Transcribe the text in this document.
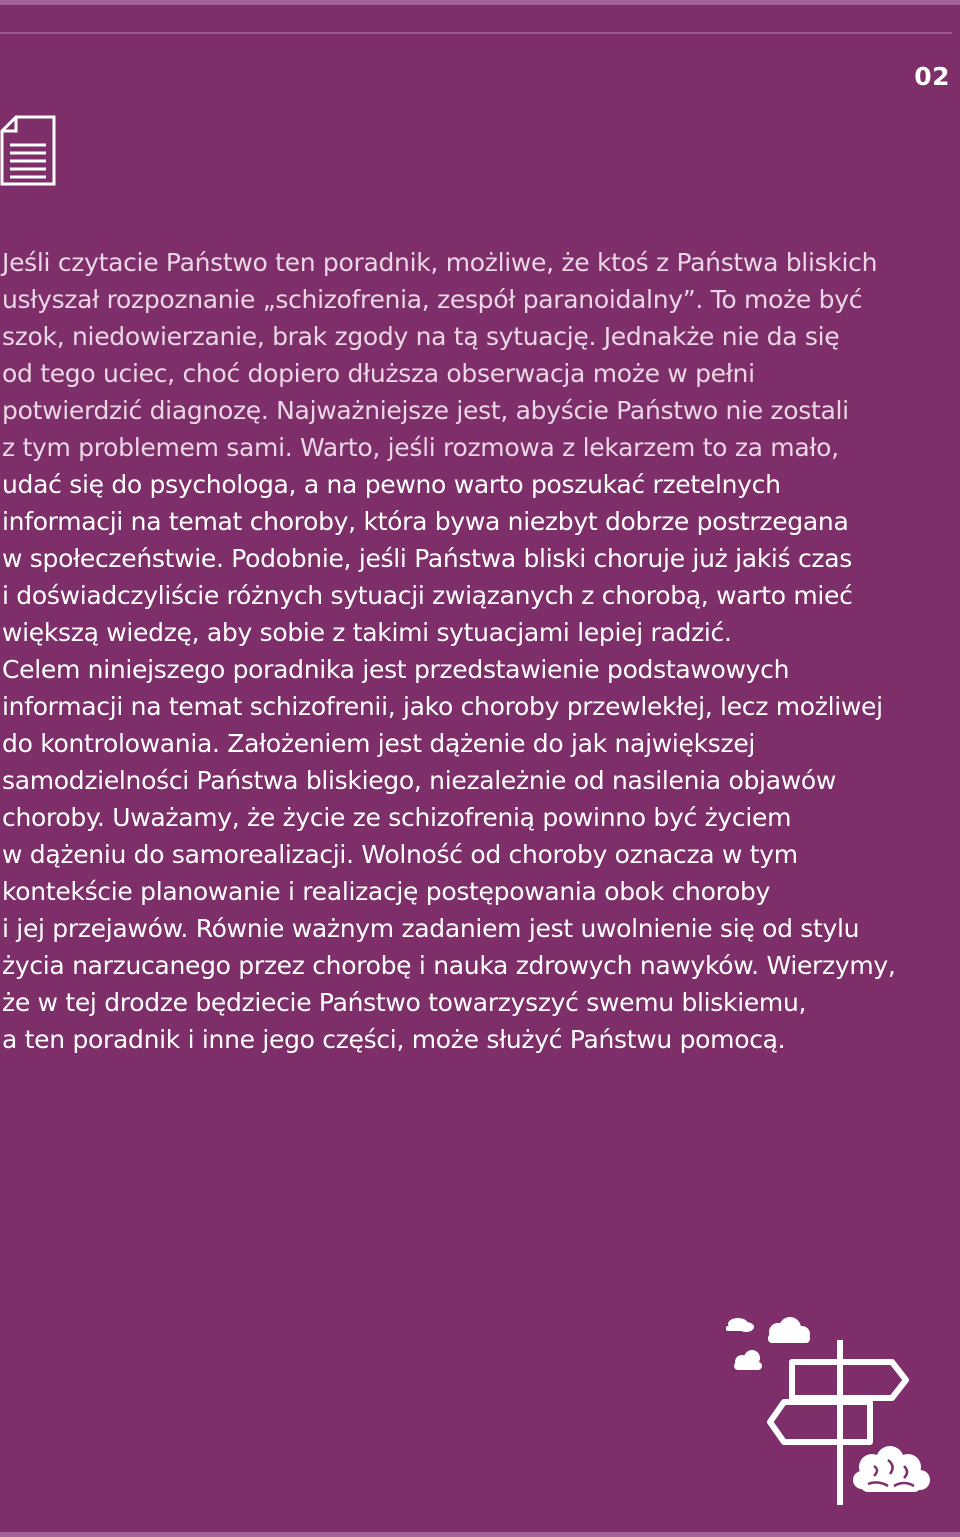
02
Jeśli czytacie Państwo ten poradnik, możliwe, że ktoś z Państwa bliskich
usłyszał rozpoznanie „schizofrenia, zespół paranoidalny”. To może być
szok, niedowierzanie, brak zgody na tą sytuację. Jednakże nie da się
od tego uciec, choć dopiero dłuższa obserwacja może w pełni
potwierdzić diagnozę. Najważniejsze jest, abyście Państwo nie zostali
z tym problemem sami. Warto, jeśli rozmowa z lekarzem to za mało,
udać się do psychologa, a na pewno warto poszukać rzetelnych
informacji na temat choroby, która bywa niezbyt dobrze postrzegana
w społeczeństwie. Podobnie, jeśli Państwa bliski choruje już jakiś czas
i doświadczyliście różnych sytuacji związanych z chorobą, warto mieć
większą wiedzę, aby sobie z takimi sytuacjami lepiej radzić.
Celem niniejszego poradnika jest przedstawienie podstawowych
informacji na temat schizofrenii, jako choroby przewlekłej, lecz możliwej
do kontrolowania. Założeniem jest dążenie do jak największej
samodzielności Państwa bliskiego, niezależnie od nasilenia objawów
choroby. Uważamy, że życie ze schizofrenią powinno być życiem
w dążeniu do samorealizacji. Wolność od choroby oznacza w tym
kontekście planowanie i realizację postępowania obok choroby
i jej przejawów. Równie ważnym zadaniem jest uwolnienie się od stylu
życia narzucanego przez chorobę i nauka zdrowych nawyków. Wierzymy,
że w tej drodze będziecie Państwo towarzyszyć swemu bliskiemu,
a ten poradnik i inne jego części, może służyć Państwu pomocą.
